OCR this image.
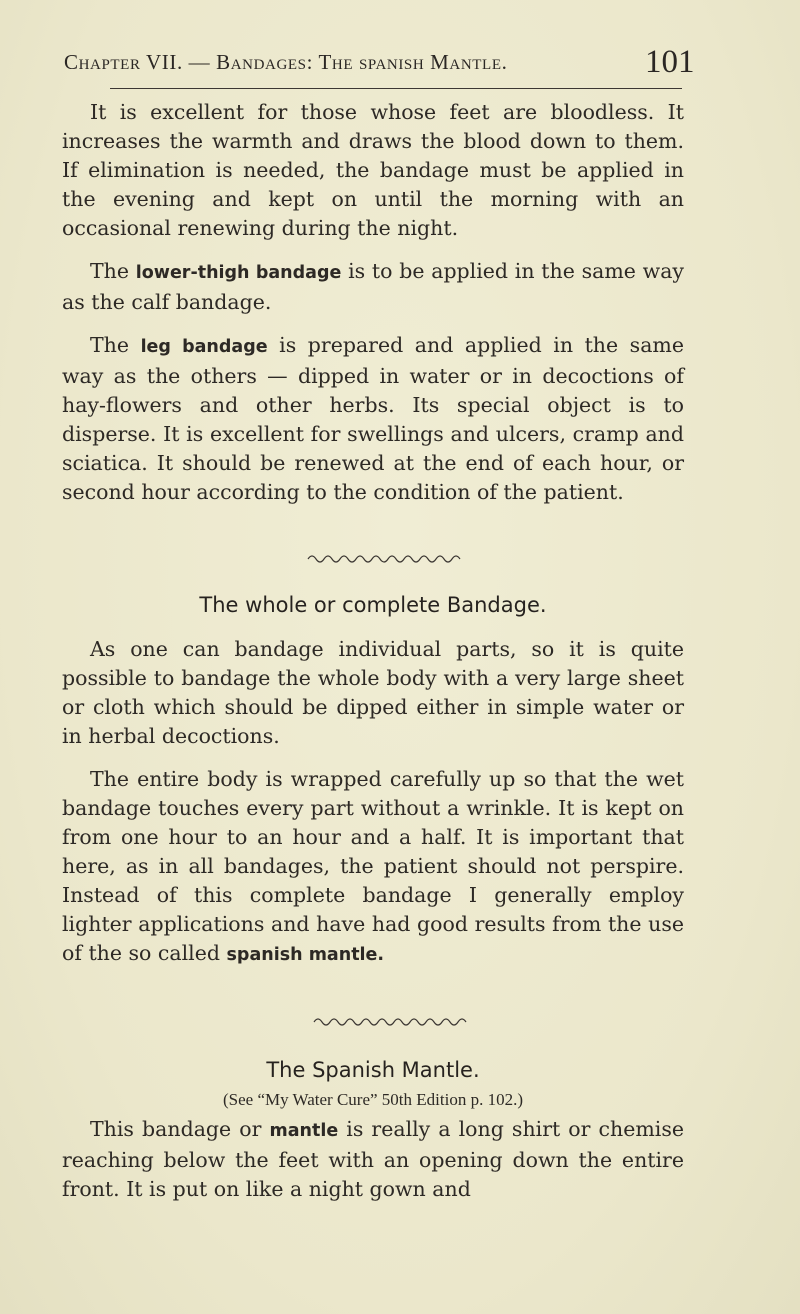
Chapter VII. — Bandages: The spanish Mantle.	101

It is excellent for those whose feet are bloodless. It increases the warmth and draws the blood down to them. If elimination is needed, the bandage must be applied in the evening and kept on until the morning with an occasional renewing during the night.

The lower-thigh bandage is to be applied in the same way as the calf bandage.

The leg bandage is prepared and applied in the same way as the others — dipped in water or in decoctions of hay-flowers and other herbs. Its special object is to disperse. It is excellent for swellings and ulcers, cramp and sciatica. It should be renewed at the end of each hour, or second hour according to the condition of the patient.

The whole or complete Bandage.

As one can bandage individual parts, so it is quite possible to bandage the whole body with a very large sheet or cloth which should be dipped either in simple water or in herbal decoctions.

The entire body is wrapped carefully up so that the wet bandage touches every part without a wrinkle. It is kept on from one hour to an hour and a half. It is important that here, as in all bandages, the patient should not perspire. Instead of this complete bandage I generally employ lighter applications and have had good results from the use of the so called spanish mantle.

The Spanish Mantle.
(See “My Water Cure” 50th Edition p. 102.)

This bandage or mantle is really a long shirt or chemise reaching below the feet with an opening down the entire front. It is put on like a night gown and
